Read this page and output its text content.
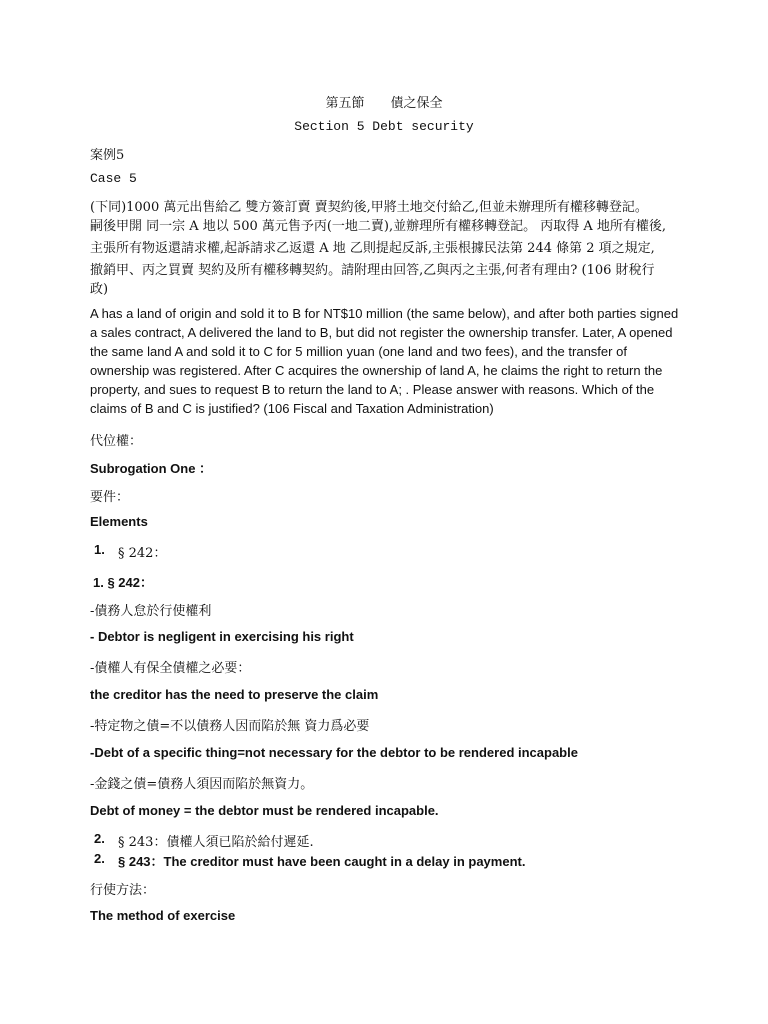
第五節　　債之保全
Section 5 Debt security
案例5
Case 5
(下同)1000 萬元出售給乙 雙方簽訂賣 賣契約後,甲將土地交付給乙,但並未辦理所有權移轉登記。
嗣後甲開 同一宗 A 地以 500 萬元售予丙(一地二賣),並辦理所有權移轉登記。 丙取得 A 地所有權後,
主張所有物返還請求權,起訴請求乙返還 A 地 乙則提起反訴,主張根據民法第 244 條第 2 項之規定,
撤銷甲、丙之買賣 契約及所有權移轉契約。請附理由回答,乙與丙之主張,何者有理由? (106 財稅行
政)
A has a land of origin and sold it to B for NT$10 million (the same below), and after both parties signed
a sales contract, A delivered the land to B, but did not register the ownership transfer. Later, A opened
the same land A and sold it to C for 5 million yuan (one land and two fees), and the transfer of
ownership was registered. After C acquires the ownership of land A, he claims the right to return the
property, and sues to request B to return the land to A; . Please answer with reasons. Which of the
claims of B and C is justified? (106 Fiscal and Taxation Administration)
代位權：
Subrogation One ：
要件：
Elements
1. § 242：
1. § 242：
-債務人怠於行使權利
- Debtor is negligent in exercising his right
-債權人有保全債權之必要：
the creditor has the need to preserve the claim
-特定物之債=不以債務人因而陷於無 資力爲必要
-Debt of a specific thing=not necessary for the debtor to be rendered incapable
-金錢之債=債務人須因而陷於無資力。
Debt of money = the debtor must be rendered incapable.
2. § 243：債權人須已陷於給付遲延.
2. § 243：The creditor must have been caught in a delay in payment.
行使方法：
The method of exercise
